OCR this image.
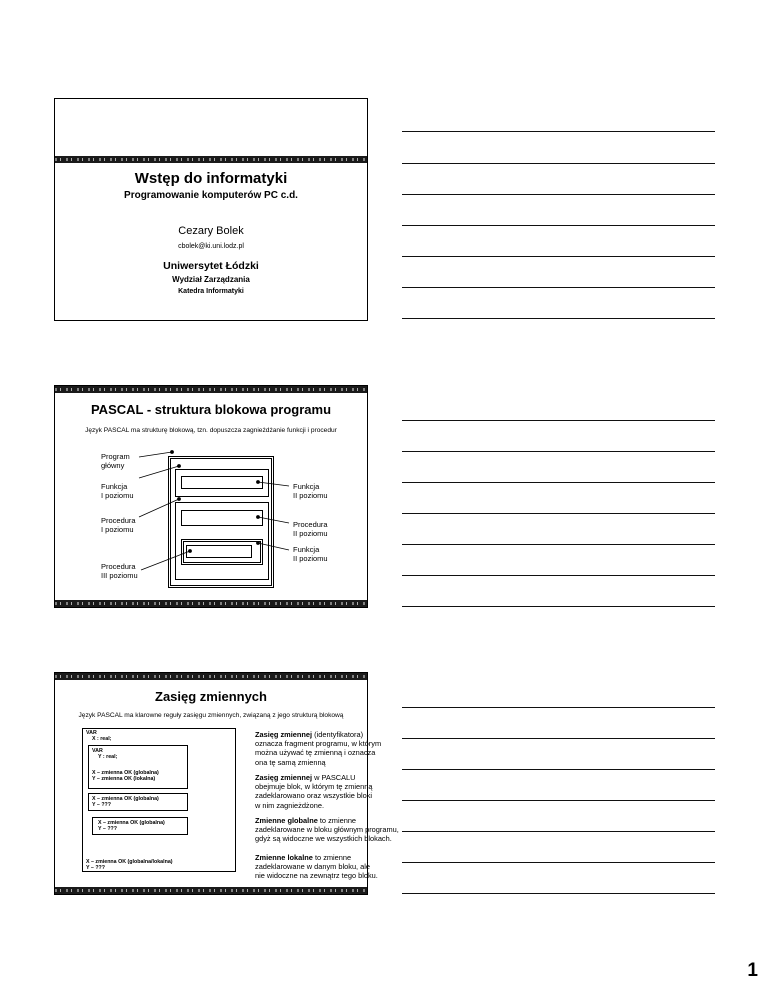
Wstęp do informatyki
Programowanie komputerów PC c.d.
Cezary Bolek
cbolek@ki.uni.lodz.pl
Uniwersytet Łódzki
Wydział Zarządzania
Katedra Informatyki
PASCAL - struktura blokowa programu
Język PASCAL ma strukturę blokową, tzn. dopuszcza zagnieżdżanie funkcji i procedur
Program
główny
Funkcja
I poziomu
Procedura
I poziomu
Procedura
III poziomu
Funkcja
II poziomu
Procedura
II poziomu
Funkcja
II poziomu
Zasięg zmiennych
Język PASCAL ma klarowne reguły zasięgu zmiennych, związaną z jego strukturą blokową
VAR
X : real;
VAR
Y : real;
X – zmienna OK (globalna)
Y – zmienna OK (lokalna)
X – zmienna OK (globalna)
Y – ???
X – zmienna OK (globalna)
Y – ???
X – zmienna OK (globalna/lokalna)
Y – ???
Zasięg zmiennej (identyfikatora)
oznacza fragment programu, w którym
można używać tę zmienną i oznacza
ona tę samą zmienną
Zasięg zmiennej w PASCALU
obejmuje blok, w którym tę zmienną
zadeklarowano oraz wszystkie bloki
w nim zagnieżdżone.
Zmienne globalne to zmienne
zadeklarowane w bloku głównym programu,
gdyż są widoczne we wszystkich blokach.
Zmienne lokalne to zmienne
zadeklarowane w danym bloku, ale
nie widoczne na zewnątrz tego bloku.
1
